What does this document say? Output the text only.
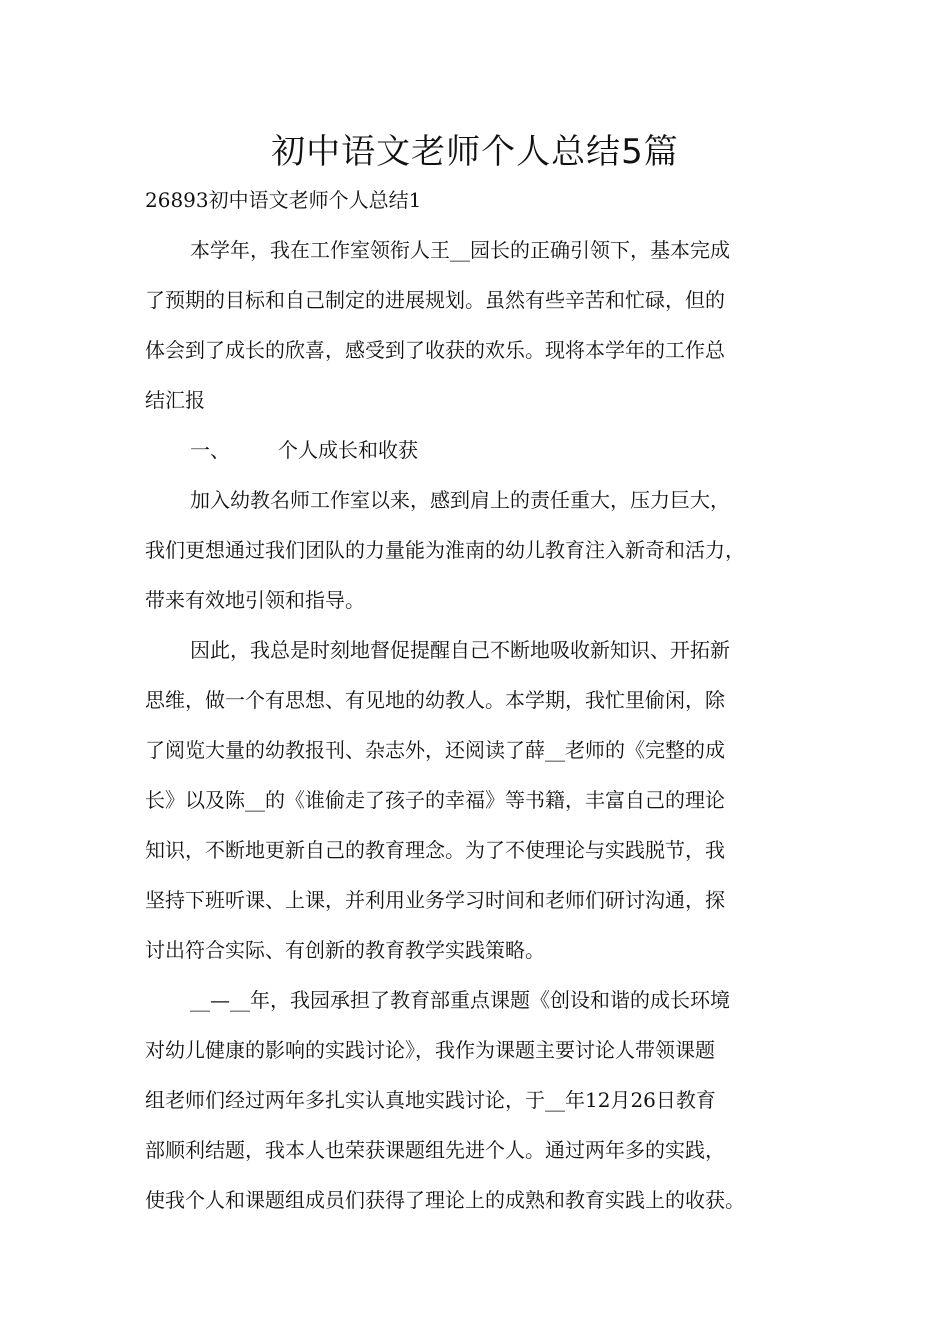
初中语文老师个人总结5篇
26893初中语文老师个人总结1
本学年，我在工作室领衔人王__园长的正确引领下，基本完成
了预期的目标和自己制定的进展规划。虽然有些辛苦和忙碌，但的
体会到了成长的欣喜，感受到了收获的欢乐。现将本学年的工作总
结汇报
一、 个人成长和收获
加入幼教名师工作室以来，感到肩上的责任重大，压力巨大，
我们更想通过我们团队的力量能为淮南的幼儿教育注入新奇和活力，
带来有效地引领和指导。
因此，我总是时刻地督促提醒自己不断地吸收新知识、开拓新
思维，做一个有思想、有见地的幼教人。本学期，我忙里偷闲，除
了阅览大量的幼教报刊、杂志外，还阅读了薛__老师的《完整的成
长》以及陈__的《谁偷走了孩子的幸福》等书籍，丰富自己的理论
知识，不断地更新自己的教育理念。为了不使理论与实践脱节，我
坚持下班听课、上课，并利用业务学习时间和老师们研讨沟通，探
讨出符合实际、有创新的教育教学实践策略。
__—__年，我园承担了教育部重点课题《创设和谐的成长环境
对幼儿健康的影响的实践讨论》，我作为课题主要讨论人带领课题
组老师们经过两年多扎实认真地实践讨论，于__年12月26日教育
部顺利结题，我本人也荣获课题组先进个人。通过两年多的实践，
使我个人和课题组成员们获得了理论上的成熟和教育实践上的收获。
